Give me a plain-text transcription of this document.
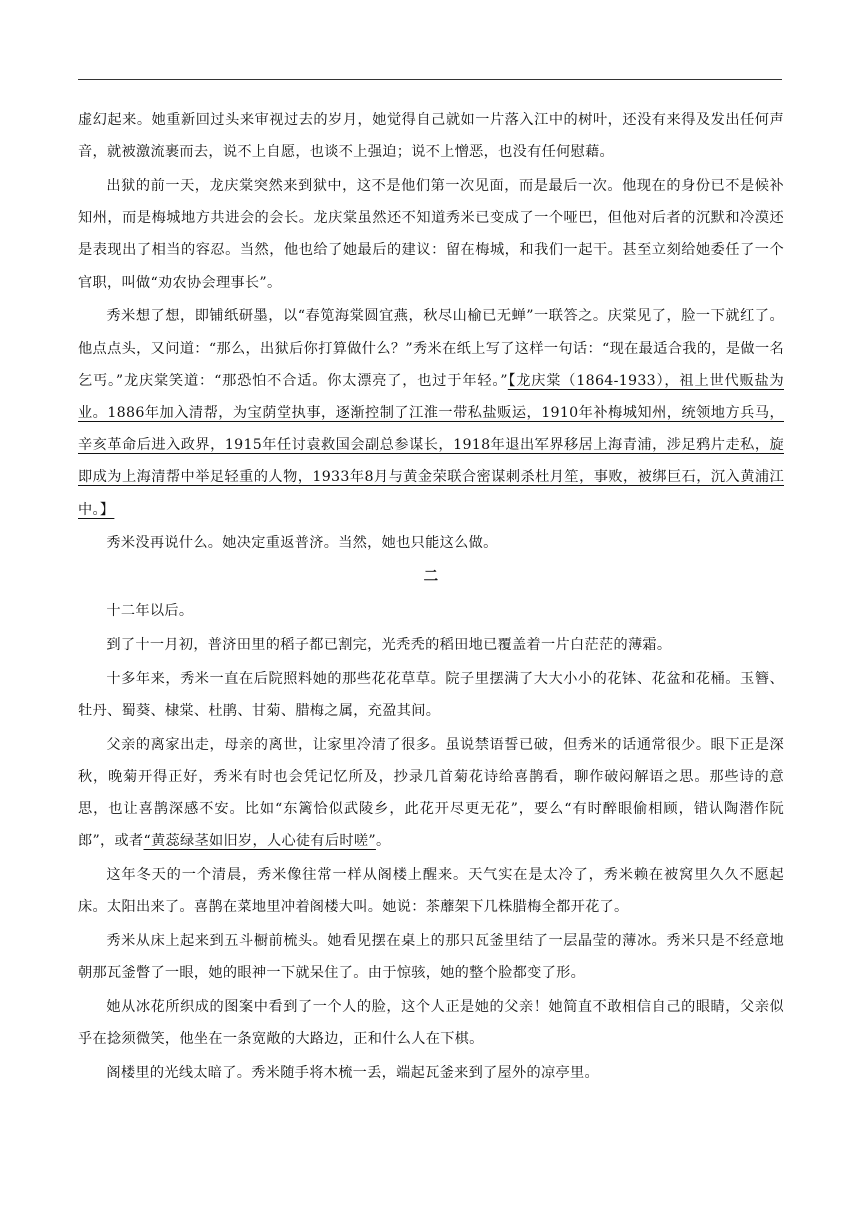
虚幻起来。她重新回过头来审视过去的岁月，她觉得自己就如一片落入江中的树叶，还没有来得及发出任何声音，就被激流裹而去，说不上自愿，也谈不上强迫；说不上憎恶，也没有任何慰藉。

出狱的前一天，龙庆棠突然来到狱中，这不是他们第一次见面，而是最后一次。他现在的身份已不是候补知州，而是梅城地方共进会的会长。龙庆棠虽然还不知道秀米已变成了一个哑巴，但他对后者的沉默和冷漠还是表现出了相当的容忍。当然，他也给了她最后的建议：留在梅城，和我们一起干。甚至立刻给她委任了一个官职，叫做“劝农协会理事长”。

秀米想了想，即铺纸研墨，以“春笕海棠圆宜燕，秋尽山榆已无蝉”一联答之。庆棠见了，脸一下就红了。他点点头，又问道：“那么，出狱后你打算做什么？”秀米在纸上写了这样一句话：“现在最适合我的，是做一名乞丐。”龙庆棠笑道：“那恐怕不合适。你太漂亮了，也过于年轻。”【龙庆棠（1864-1933），祖上世代贩盐为业。1886年加入清帮，为宝荫堂执事，逐渐控制了江淮一带私盐贩运，1910年补梅城知州，统领地方兵马，辛亥革命后进入政界，1915年任讨袁救国会副总参谋长，1918年退出军界移居上海青浦，涉足鸦片走私，旋即成为上海清帮中举足轻重的人物，1933年8月与黄金荣联合密谋刺杀杜月笙，事败，被绑巨石，沉入黄浦江中。】

秀米没再说什么。她决定重返普济。当然，她也只能这么做。

二

十二年以后。

到了十一月初，普济田里的稻子都已割完，光秃秃的稻田地已覆盖着一片白茫茫的薄霜。

十多年来，秀米一直在后院照料她的那些花花草草。院子里摆满了大大小小的花钵、花盆和花桶。玉簪、牡丹、蜀葵、棣棠、杜鹃、甘菊、腊梅之属，充盈其间。

父亲的离家出走，母亲的离世，让家里冷清了很多。虽说禁语誓已破，但秀米的话通常很少。眼下正是深秋，晚菊开得正好，秀米有时也会凭记忆所及，抄录几首菊花诗给喜鹊看，聊作破闷解语之思。那些诗的意思，也让喜鹊深感不安。比如“东篱恰似武陵乡，此花开尽更无花”，要么“有时醉眼偷相顾，错认陶潜作阮郎”，或者“黄蕊绿茎如旧岁，人心徒有后时嗟”。

这年冬天的一个清晨，秀米像往常一样从阁楼上醒来。天气实在是太冷了，秀米赖在被窝里久久不愿起床。太阳出来了。喜鹊在菜地里冲着阁楼大叫。她说：茶蘼架下几株腊梅全都开花了。

秀米从床上起来到五斗橱前梳头。她看见摆在桌上的那只瓦釜里结了一层晶莹的薄冰。秀米只是不经意地朝那瓦釜瞥了一眼，她的眼神一下就呆住了。由于惊骇，她的整个脸都变了形。

她从冰花所织成的图案中看到了一个人的脸，这个人正是她的父亲！她简直不敢相信自己的眼睛，父亲似乎在捻须微笑，他坐在一条宽敞的大路边，正和什么人在下棋。

阁楼里的光线太暗了。秀米随手将木梳一丢，端起瓦釜来到了屋外的凉亭里。
